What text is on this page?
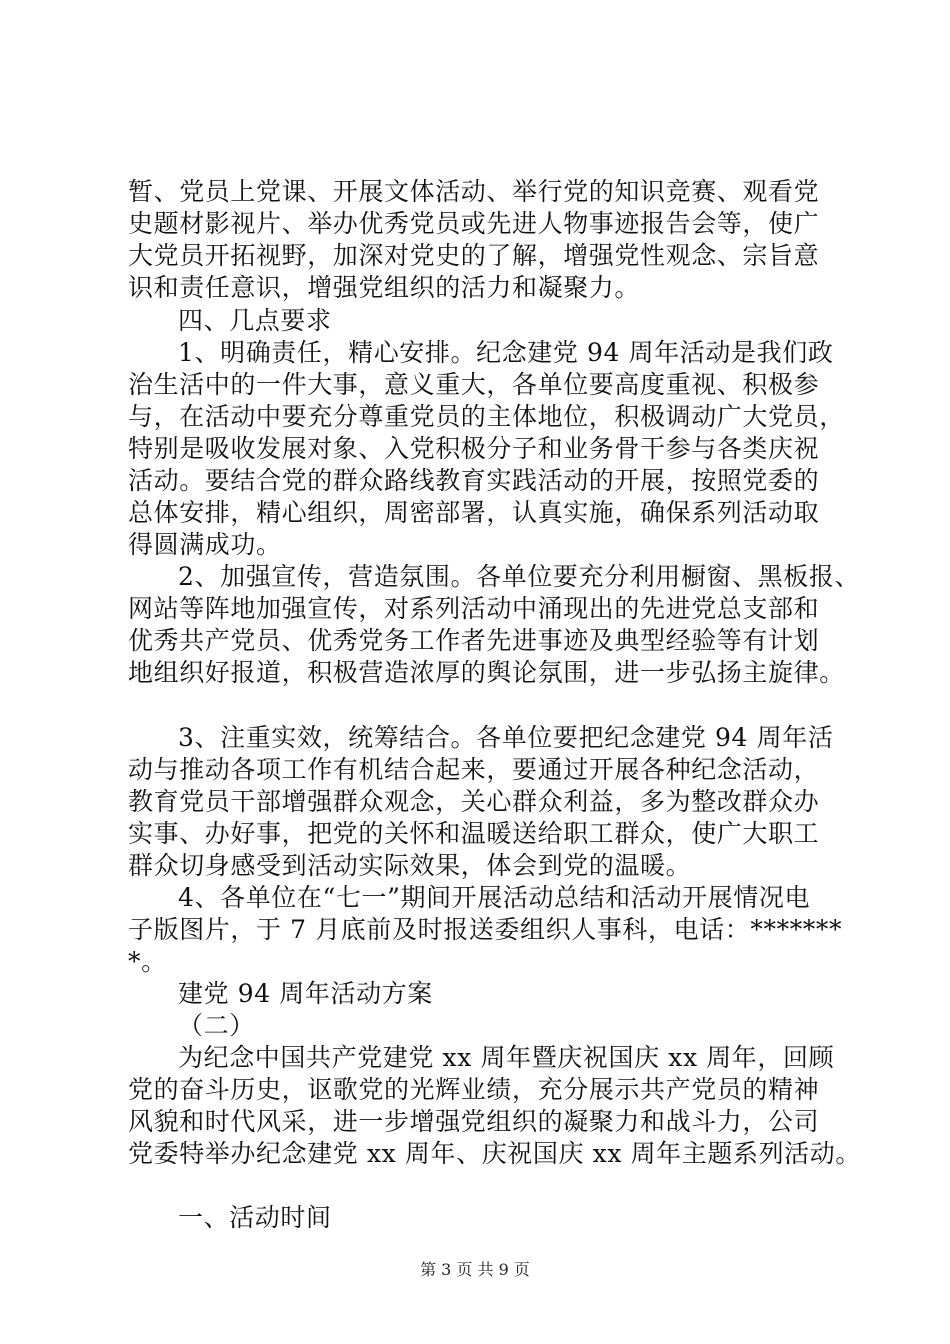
暂、党员上党课、开展文体活动、举行党的知识竞赛、观看党
史题材影视片、举办优秀党员或先进人物事迹报告会等，使广
大党员开拓视野，加深对党史的了解，增强党性观念、宗旨意
识和责任意识，增强党组织的活力和凝聚力。
四、几点要求
1、明确责任，精心安排。纪念建党 94 周年活动是我们政
治生活中的一件大事，意义重大，各单位要高度重视、积极参
与，在活动中要充分尊重党员的主体地位，积极调动广大党员，
特别是吸收发展对象、入党积极分子和业务骨干参与各类庆祝
活动。要结合党的群众路线教育实践活动的开展，按照党委的
总体安排，精心组织，周密部署，认真实施，确保系列活动取
得圆满成功。
2、加强宣传，营造氛围。各单位要充分利用橱窗、黑板报、
网站等阵地加强宣传，对系列活动中涌现出的先进党总支部和
优秀共产党员、优秀党务工作者先进事迹及典型经验等有计划
地组织好报道，积极营造浓厚的舆论氛围，进一步弘扬主旋律。
3、注重实效，统筹结合。各单位要把纪念建党 94 周年活
动与推动各项工作有机结合起来，要通过开展各种纪念活动，
教育党员干部增强群众观念，关心群众利益，多为整改群众办
实事、办好事，把党的关怀和温暖送给职工群众，使广大职工
群众切身感受到活动实际效果，体会到党的温暖。
4、各单位在“七一”期间开展活动总结和活动开展情况电
子版图片，于 7 月底前及时报送委组织人事科，电话：*******
*。
建党 94 周年活动方案
（二）
为纪念中国共产党建党 xx 周年暨庆祝国庆 xx 周年，回顾
党的奋斗历史，讴歌党的光辉业绩，充分展示共产党员的精神
风貌和时代风采，进一步增强党组织的凝聚力和战斗力，公司
党委特举办纪念建党 xx 周年、庆祝国庆 xx 周年主题系列活动。
一、活动时间
第 3 页 共 9 页
